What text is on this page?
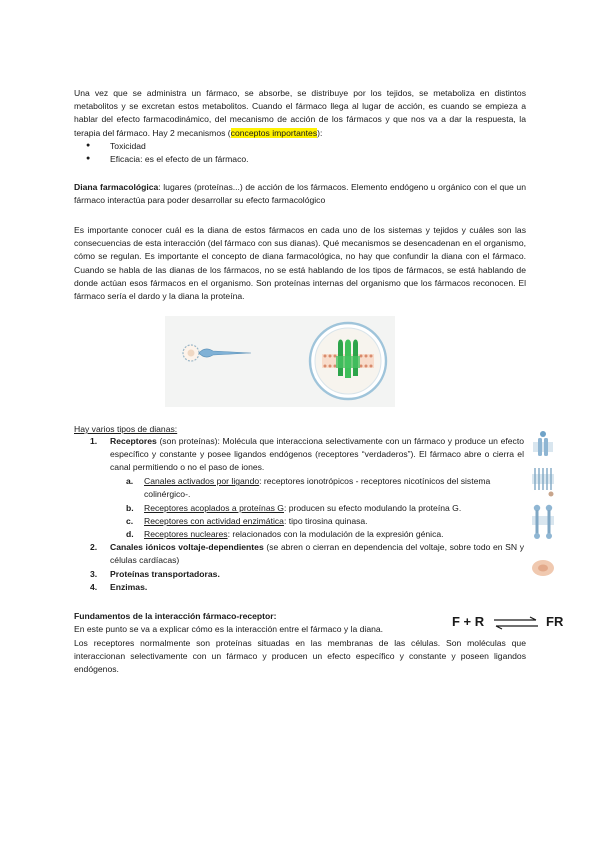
Una vez que se administra un fármaco, se absorbe, se distribuye por los tejidos, se metaboliza en distintos metabolitos y se excretan estos metabolitos. Cuando el fármaco llega al lugar de acción, es cuando se empieza a hablar del efecto farmacodinámico, del mecanismo de acción de los fármacos y que nos va a dar la respuesta, la terapia del fármaco. Hay 2 mecanismos (conceptos importantes):
● Toxicidad
● Eficacia: es el efecto de un fármaco.
Diana farmacológica: lugares (proteínas...) de acción de los fármacos. Elemento endógeno u orgánico con el que un fármaco interactúa para poder desarrollar su efecto farmacológico
Es importante conocer cuál es la diana de estos fármacos en cada uno de los sistemas y tejidos y cuáles son las consecuencias de esta interacción (del fármaco con sus dianas). Qué mecanismos se desencadenan en el organismo, cómo se regulan. Es importante el concepto de diana farmacológica, no hay que confundir la diana con el fármaco. Cuando se habla de las dianas de los fármacos, no se está hablando de los tipos de fármacos, se está hablando de donde actúan esos fármacos en el organismo. Son proteínas internas del organismo que los fármacos reconocen. El fármaco sería el dardo y la diana la proteína.
Hay varios tipos de dianas:
1. Receptores (son proteínas): Molécula que interacciona selectivamente con un fármaco y produce un efecto específico y constante y posee ligandos endógenos (receptores “verdaderos”). El fármaco abre o cierra el canal permitiendo o no el paso de iones.
a. Canales activados por ligando: receptores ionotrópicos - receptores nicotínicos del sistema colinérgico-.
b. Receptores acoplados a proteínas G: producen su efecto modulando la proteína G.
c. Receptores con actividad enzimática: tipo tirosina quinasa.
d. Receptores nucleares: relacionados con la modulación de la expresión génica.
2. Canales iónicos voltaje-dependientes (se abren o cierran en dependencia del voltaje, sobre todo en SN y células cardíacas)
3. Proteínas transportadoras.
4. Enzimas.
Fundamentos de la interacción fármaco-receptor:
En este punto se va a explicar cómo es la interacción entre el fármaco y la diana.
Los receptores normalmente son proteínas situadas en las membranas de las células. Son moléculas que interaccionan selectivamente con un fármaco y producen un efecto específico y constante y poseen ligandos endógenos.
F + R ⇌ FR
